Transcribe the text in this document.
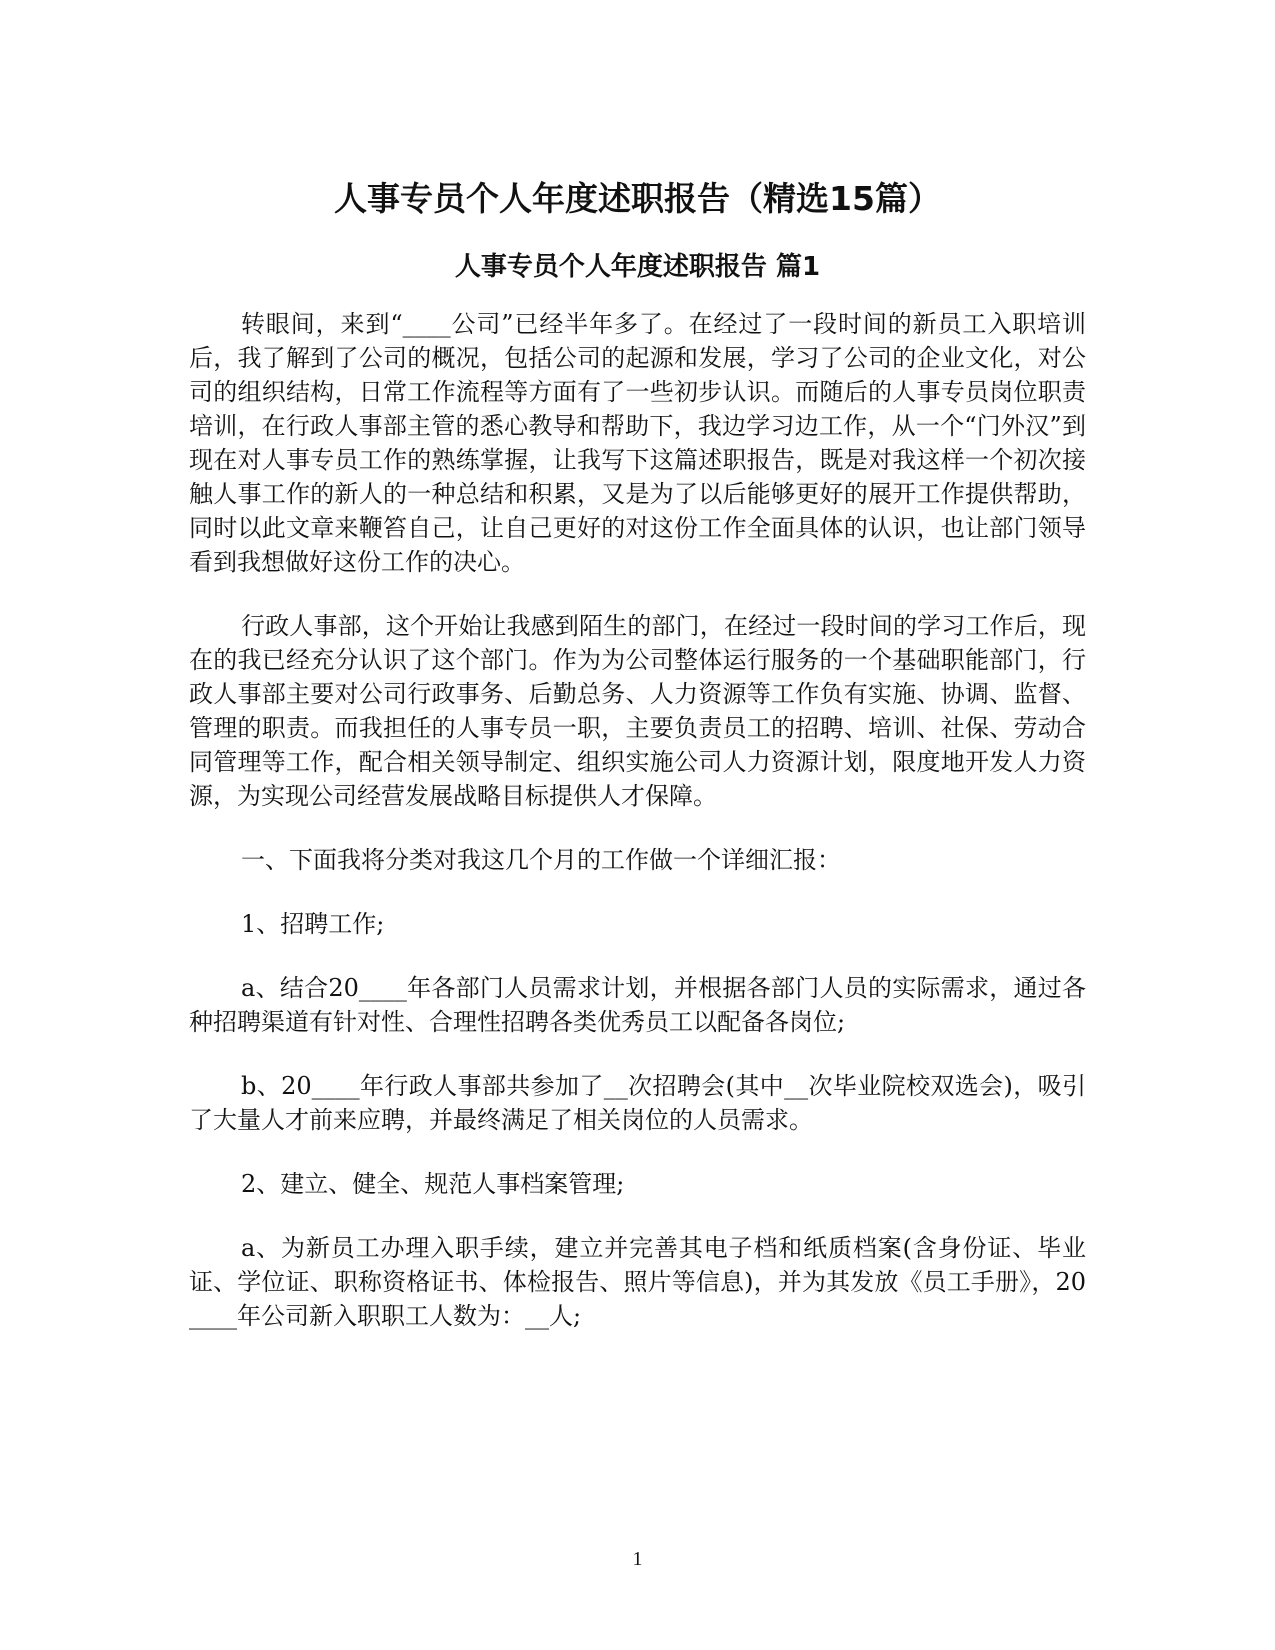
人事专员个人年度述职报告（精选15篇）
人事专员个人年度述职报告 篇1

转眼间，来到“____公司”已经半年多了。在经过了一段时间的新员工入职培训后，我了解到了公司的概况，包括公司的起源和发展，学习了公司的企业文化，对公司的组织结构，日常工作流程等方面有了一些初步认识。而随后的人事专员岗位职责培训，在行政人事部主管的悉心教导和帮助下，我边学习边工作，从一个“门外汉”到现在对人事专员工作的熟练掌握，让我写下这篇述职报告，既是对我这样一个初次接触人事工作的新人的一种总结和积累，又是为了以后能够更好的展开工作提供帮助，同时以此文章来鞭笞自己，让自己更好的对这份工作全面具体的认识，也让部门领导看到我想做好这份工作的决心。

行政人事部，这个开始让我感到陌生的部门，在经过一段时间的学习工作后，现在的我已经充分认识了这个部门。作为为公司整体运行服务的一个基础职能部门，行政人事部主要对公司行政事务、后勤总务、人力资源等工作负有实施、协调、监督、管理的职责。而我担任的人事专员一职，主要负责员工的招聘、培训、社保、劳动合同管理等工作，配合相关领导制定、组织实施公司人力资源计划，限度地开发人力资源，为实现公司经营发展战略目标提供人才保障。

一、下面我将分类对我这几个月的工作做一个详细汇报：

1、招聘工作;

a、结合20____年各部门人员需求计划，并根据各部门人员的实际需求，通过各种招聘渠道有针对性、合理性招聘各类优秀员工以配备各岗位;

b、20____年行政人事部共参加了__次招聘会(其中__次毕业院校双选会)，吸引了大量人才前来应聘，并最终满足了相关岗位的人员需求。

2、建立、健全、规范人事档案管理;

a、为新员工办理入职手续，建立并完善其电子档和纸质档案(含身份证、毕业证、学位证、职称资格证书、体检报告、照片等信息)，并为其发放《员工手册》，20____年公司新入职职工人数为：__人;

1
